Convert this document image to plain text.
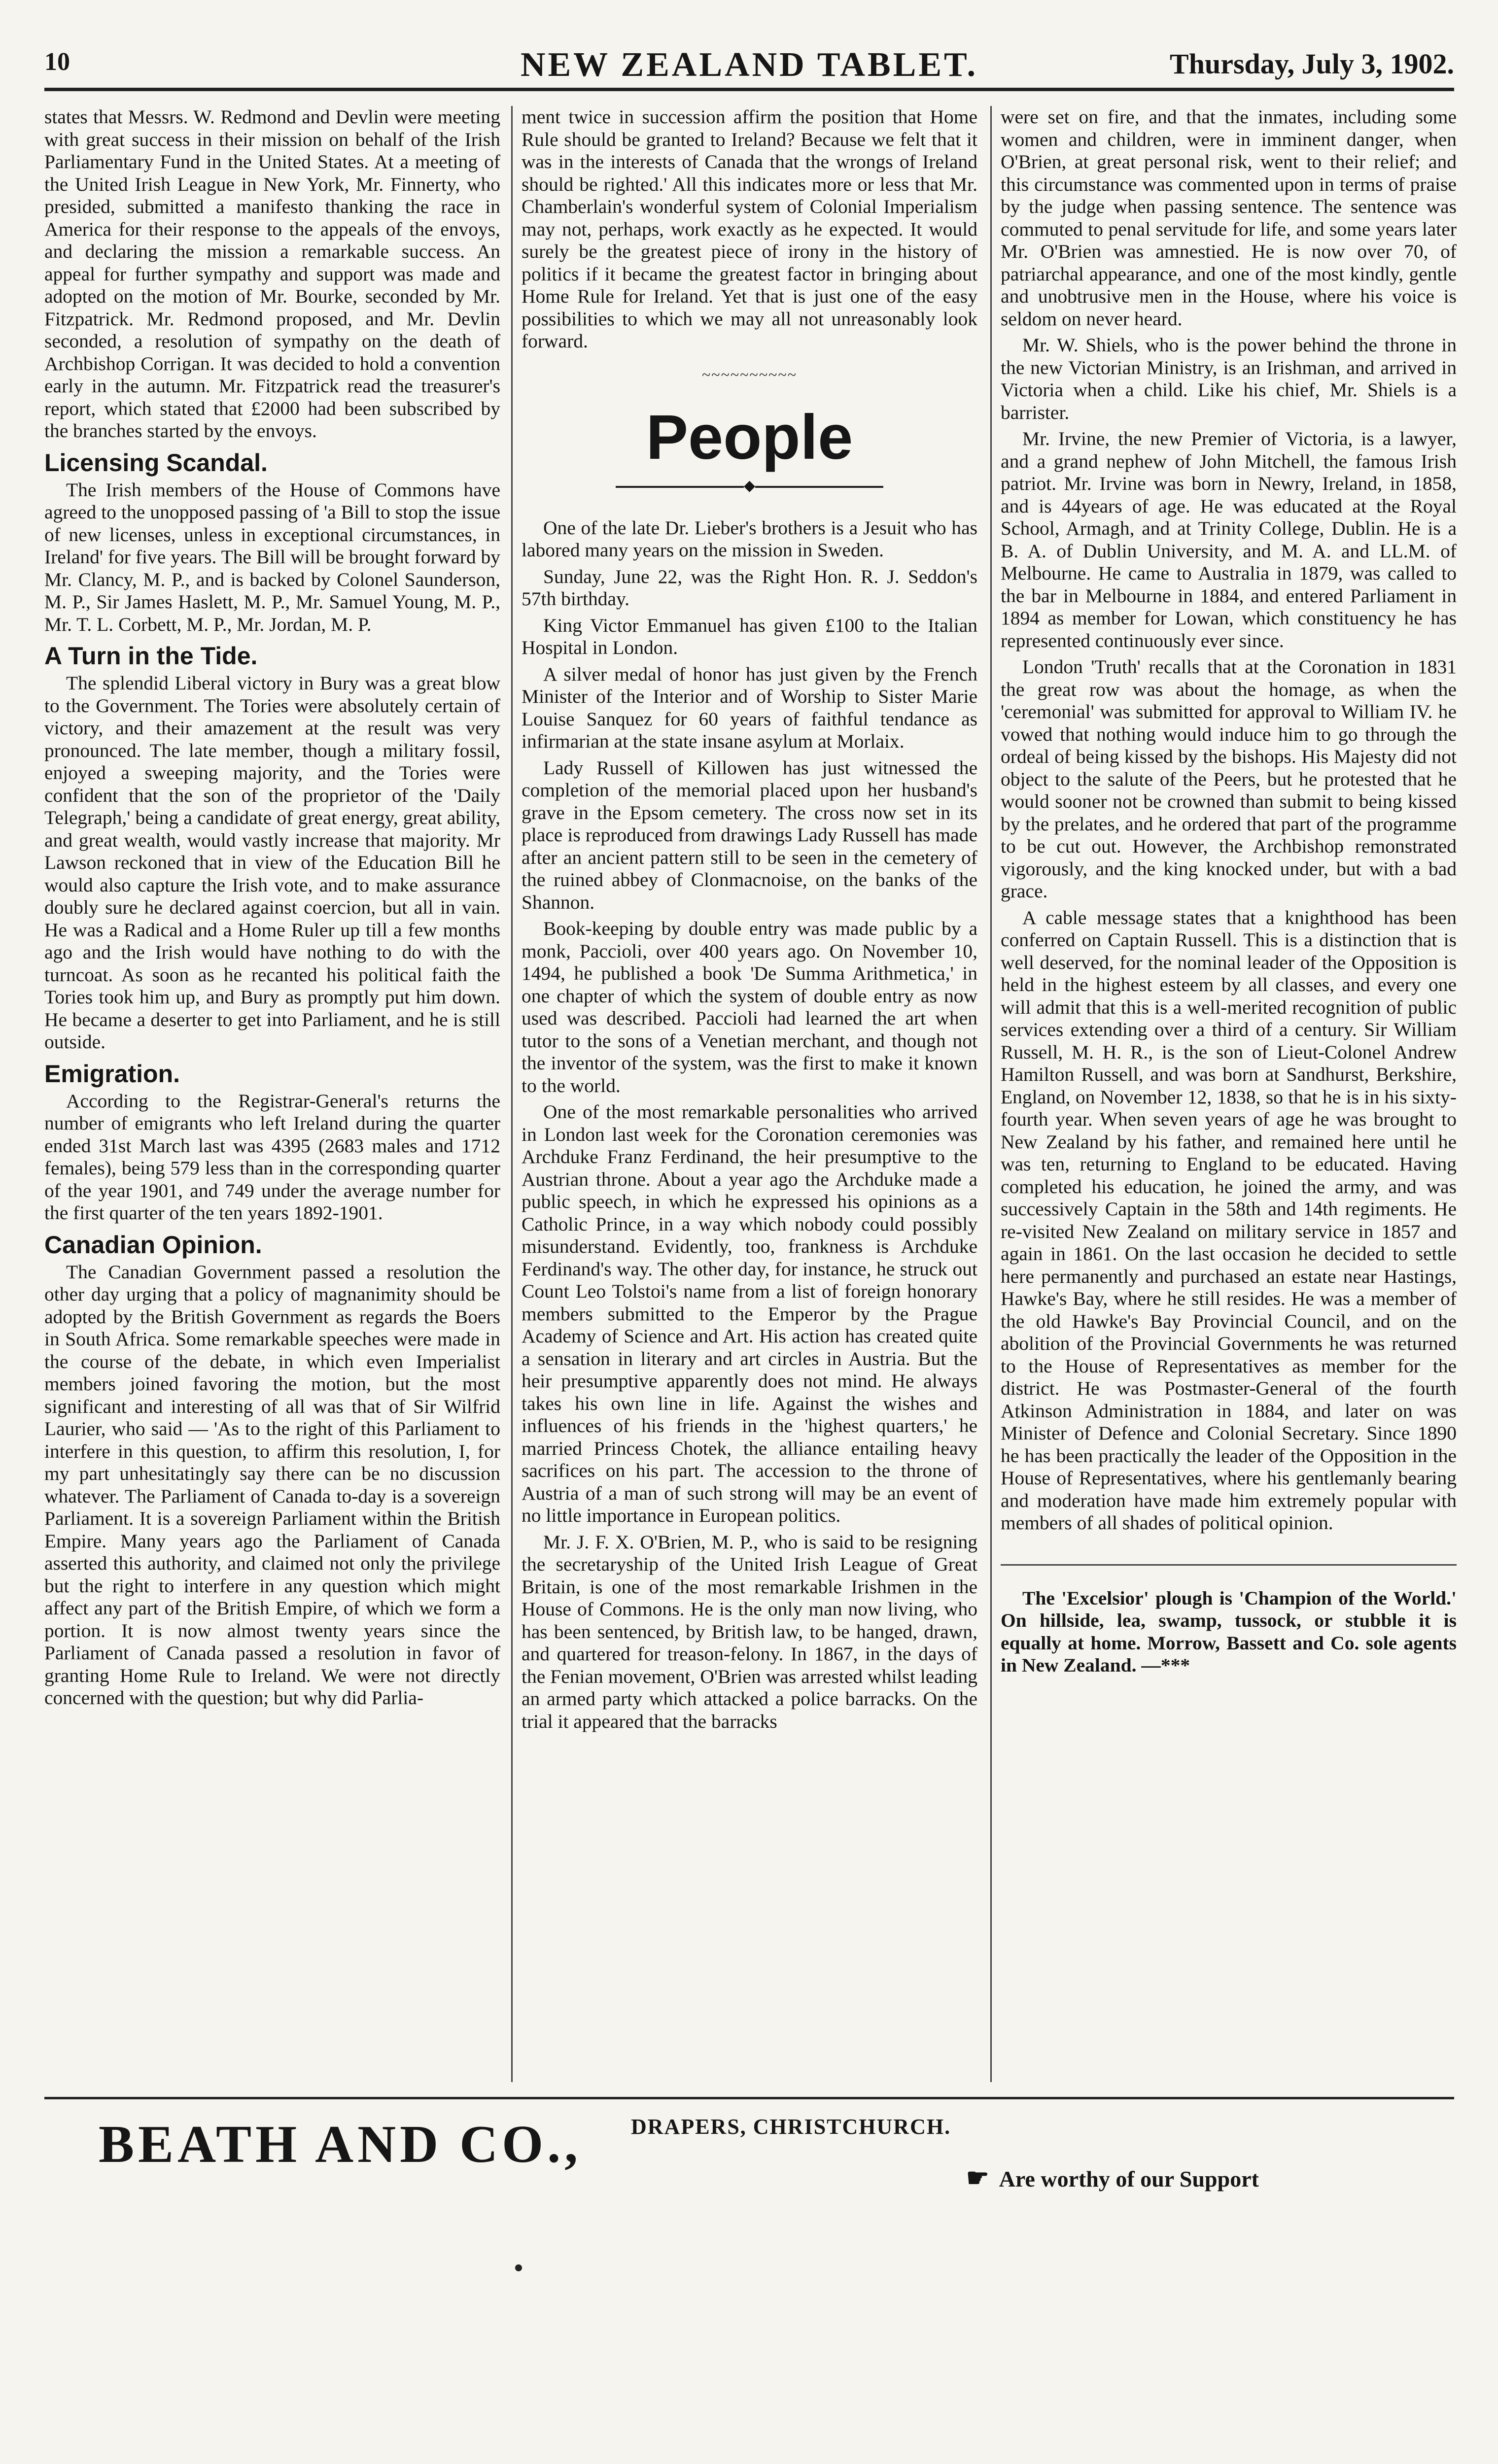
10	NEW ZEALAND TABLET.	Thursday, July 3, 1902.

states that Messrs. W. Redmond and Devlin were meeting with great success in their mission on behalf of the Irish Parliamentary Fund in the United States. At a meeting of the United Irish League in New York, Mr. Finnerty, who presided, submitted a manifesto thanking the race in America for their response to the appeals of the envoys, and declaring the mission a remarkable success. An appeal for further sympathy and support was made and adopted on the motion of Mr. Bourke, seconded by Mr. Fitzpatrick. Mr. Redmond proposed, and Mr. Devlin seconded, a resolution of sympathy on the death of Archbishop Corrigan. It was decided to hold a convention early in the autumn. Mr. Fitzpatrick read the treasurer's report, which stated that £2000 had been subscribed by the branches started by the envoys.

Licensing Scandal.

The Irish members of the House of Commons have agreed to the unopposed passing of 'a Bill to stop the issue of new licenses, unless in exceptional circumstances, in Ireland' for five years. The Bill will be brought forward by Mr. Clancy, M. P., and is backed by Colonel Saunderson, M. P., Sir James Haslett, M. P., Mr. Samuel Young, M. P., Mr. T. L. Corbett, M. P., Mr. Jordan, M. P.

A Turn in the Tide.

The splendid Liberal victory in Bury was a great blow to the Government. The Tories were absolutely certain of victory, and their amazement at the result was very pronounced. The late member, though a military fossil, enjoyed a sweeping majority, and the Tories were confident that the son of the proprietor of the 'Daily Telegraph,' being a candidate of great energy, great ability, and great wealth, would vastly increase that majority. Mr Lawson reckoned that in view of the Education Bill he would also capture the Irish vote, and to make assurance doubly sure he declared against coercion, but all in vain. He was a Radical and a Home Ruler up till a few months ago and the Irish would have nothing to do with the turncoat. As soon as he recanted his political faith the Tories took him up, and Bury as promptly put him down. He became a deserter to get into Parliament, and he is still outside.

Emigration.

According to the Registrar-General's returns the number of emigrants who left Ireland during the quarter ended 31st March last was 4395 (2683 males and 1712 females), being 579 less than in the corresponding quarter of the year 1901, and 749 under the average number for the first quarter of the ten years 1892-1901.

Canadian Opinion.

The Canadian Government passed a resolution the other day urging that a policy of magnanimity should be adopted by the British Government as regards the Boers in South Africa. Some remarkable speeches were made in the course of the debate, in which even Imperialist members joined favoring the motion, but the most significant and interesting of all was that of Sir Wilfrid Laurier, who said — 'As to the right of this Parliament to interfere in this question, to affirm this resolution, I, for my part unhesitatingly say there can be no discussion whatever. The Parliament of Canada to-day is a sovereign Parliament. It is a sovereign Parliament within the British Empire. Many years ago the Parliament of Canada asserted this authority, and claimed not only the privilege but the right to interfere in any question which might affect any part of the British Empire, of which we form a portion. It is now almost twenty years since the Parliament of Canada passed a resolution in favor of granting Home Rule to Ireland. We were not directly concerned with the question; but why did Parlia-

ment twice in succession affirm the position that Home Rule should be granted to Ireland? Because we felt that it was in the interests of Canada that the wrongs of Ireland should be righted.' All this indicates more or less that Mr. Chamberlain's wonderful system of Colonial Imperialism may not, perhaps, work exactly as he expected. It would surely be the greatest piece of irony in the history of politics if it became the greatest factor in bringing about Home Rule for Ireland. Yet that is just one of the easy possibilities to which we may all not unreasonably look forward.

~~~~~~~~~~
People
◆

One of the late Dr. Lieber's brothers is a Jesuit who has labored many years on the mission in Sweden.

Sunday, June 22, was the Right Hon. R. J. Seddon's 57th birthday.

King Victor Emmanuel has given £100 to the Italian Hospital in London.

A silver medal of honor has just given by the French Minister of the Interior and of Worship to Sister Marie Louise Sanquez for 60 years of faithful tendance as infirmarian at the state insane asylum at Morlaix.

Lady Russell of Killowen has just witnessed the completion of the memorial placed upon her husband's grave in the Epsom cemetery. The cross now set in its place is reproduced from drawings Lady Russell has made after an ancient pattern still to be seen in the cemetery of the ruined abbey of Clonmacnoise, on the banks of the Shannon.

Book-keeping by double entry was made public by a monk, Paccioli, over 400 years ago. On November 10, 1494, he published a book 'De Summa Arithmetica,' in one chapter of which the system of double entry as now used was described. Paccioli had learned the art when tutor to the sons of a Venetian merchant, and though not the inventor of the system, was the first to make it known to the world.

One of the most remarkable personalities who arrived in London last week for the Coronation ceremonies was Archduke Franz Ferdinand, the heir presumptive to the Austrian throne. About a year ago the Archduke made a public speech, in which he expressed his opinions as a Catholic Prince, in a way which nobody could possibly misunderstand. Evidently, too, frankness is Archduke Ferdinand's way. The other day, for instance, he struck out Count Leo Tolstoi's name from a list of foreign honorary members submitted to the Emperor by the Prague Academy of Science and Art. His action has created quite a sensation in literary and art circles in Austria. But the heir presumptive apparently does not mind. He always takes his own line in life. Against the wishes and influences of his friends in the 'highest quarters,' he married Princess Chotek, the alliance entailing heavy sacrifices on his part. The accession to the throne of Austria of a man of such strong will may be an event of no little importance in European politics.

Mr. J. F. X. O'Brien, M. P., who is said to be resigning the secretaryship of the United Irish League of Great Britain, is one of the most remarkable Irishmen in the House of Commons. He is the only man now living, who has been sentenced, by British law, to be hanged, drawn, and quartered for treason-felony. In 1867, in the days of the Fenian movement, O'Brien was arrested whilst leading an armed party which attacked a police barracks. On the trial it appeared that the barracks

were set on fire, and that the inmates, including some women and children, were in imminent danger, when O'Brien, at great personal risk, went to their relief; and this circumstance was commented upon in terms of praise by the judge when passing sentence. The sentence was commuted to penal servitude for life, and some years later Mr. O'Brien was amnestied. He is now over 70, of patriarchal appearance, and one of the most kindly, gentle and unobtrusive men in the House, where his voice is seldom on never heard.

Mr. W. Shiels, who is the power behind the throne in the new Victorian Ministry, is an Irishman, and arrived in Victoria when a child. Like his chief, Mr. Shiels is a barrister.

Mr. Irvine, the new Premier of Victoria, is a lawyer, and a grand nephew of John Mitchell, the famous Irish patriot. Mr. Irvine was born in Newry, Ireland, in 1858, and is 44years of age. He was educated at the Royal School, Armagh, and at Trinity College, Dublin. He is a B. A. of Dublin University, and M. A. and LL.M. of Melbourne. He came to Australia in 1879, was called to the bar in Melbourne in 1884, and entered Parliament in 1894 as member for Lowan, which constituency he has represented continuously ever since.

London 'Truth' recalls that at the Coronation in 1831 the great row was about the homage, as when the 'ceremonial' was submitted for approval to William IV. he vowed that nothing would induce him to go through the ordeal of being kissed by the bishops. His Majesty did not object to the salute of the Peers, but he protested that he would sooner not be crowned than submit to being kissed by the prelates, and he ordered that part of the programme to be cut out. However, the Archbishop remonstrated vigorously, and the king knocked under, but with a bad grace.

A cable message states that a knighthood has been conferred on Captain Russell. This is a distinction that is well deserved, for the nominal leader of the Opposition is held in the highest esteem by all classes, and every one will admit that this is a well-merited recognition of public services extending over a third of a century. Sir William Russell, M. H. R., is the son of Lieut-Colonel Andrew Hamilton Russell, and was born at Sandhurst, Berkshire, England, on November 12, 1838, so that he is in his sixty-fourth year. When seven years of age he was brought to New Zealand by his father, and remained here until he was ten, returning to England to be educated. Having completed his education, he joined the army, and was successively Captain in the 58th and 14th regiments. He re-visited New Zealand on military service in 1857 and again in 1861. On the last occasion he decided to settle here permanently and purchased an estate near Hastings, Hawke's Bay, where he still resides. He was a member of the old Hawke's Bay Provincial Council, and on the abolition of the Provincial Governments he was returned to the House of Representatives as member for the district. He was Postmaster-General of the fourth Atkinson Administration in 1884, and later on was Minister of Defence and Colonial Secretary. Since 1890 he has been practically the leader of the Opposition in the House of Representatives, where his gentlemanly bearing and moderation have made him extremely popular with members of all shades of political opinion.

The 'Excelsior' plough is 'Champion of the World.' On hillside, lea, swamp, tussock, or stubble it is equally at home. Morrow, Bassett and Co. sole agents in New Zealand. —***

BEATH AND CO., DRAPERS, CHRISTCHURCH.
☛ Are worthy of our Support
